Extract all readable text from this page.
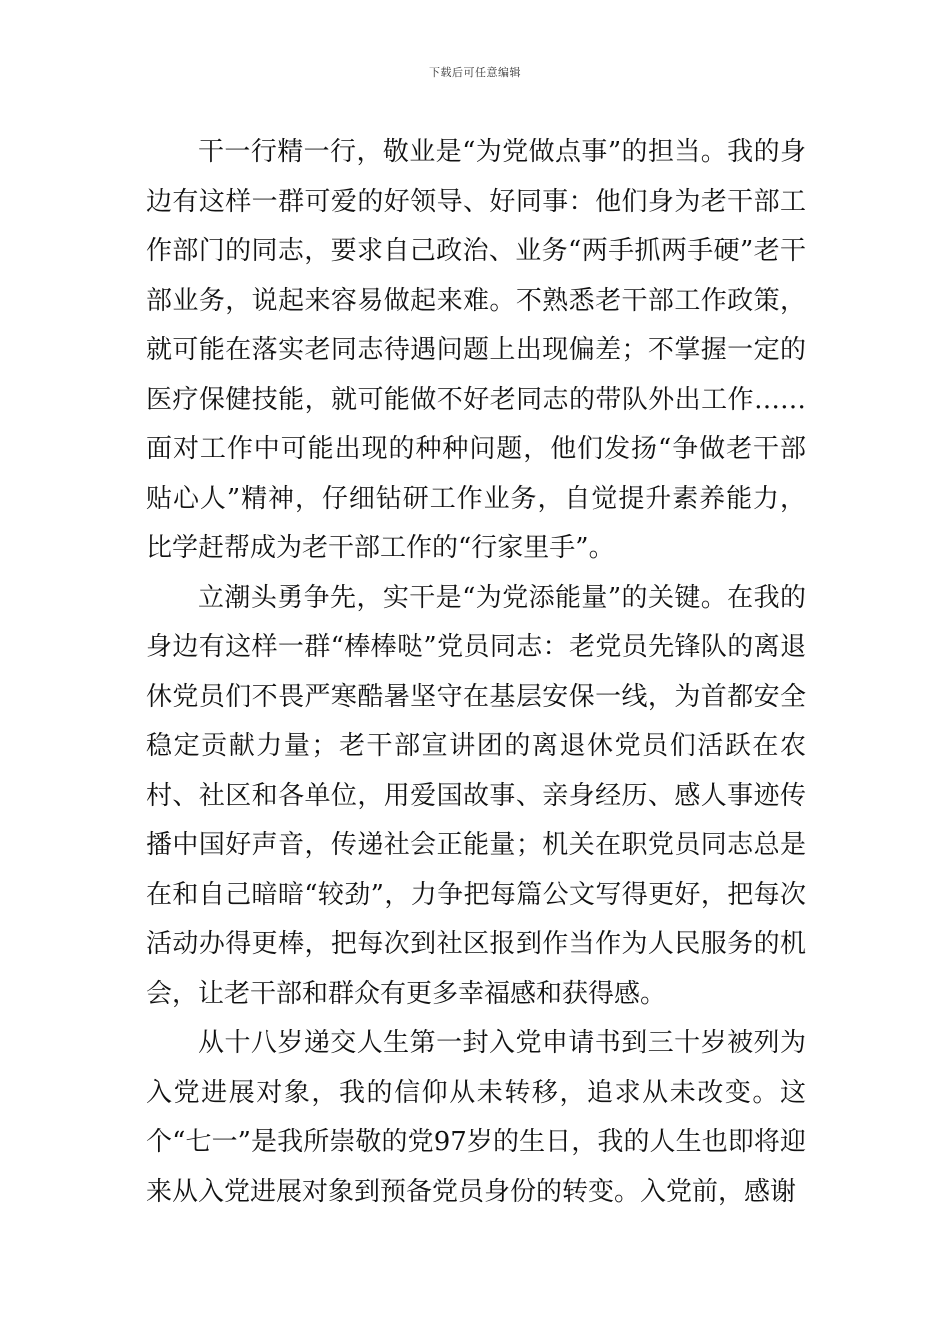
下载后可任意编辑

干一行精一行，敬业是“为党做点事”的担当。我的身边有这样一群可爱的好领导、好同事：他们身为老干部工作部门的同志，要求自己政治、业务“两手抓两手硬”老干部业务，说起来容易做起来难。不熟悉老干部工作政策，就可能在落实老同志待遇问题上出现偏差；不掌握一定的医疗保健技能，就可能做不好老同志的带队外出工作……面对工作中可能出现的种种问题，他们发扬“争做老干部贴心人”精神，仔细钻研工作业务，自觉提升素养能力，比学赶帮成为老干部工作的“行家里手”。

立潮头勇争先，实干是“为党添能量”的关键。在我的身边有这样一群“棒棒哒”党员同志：老党员先锋队的离退休党员们不畏严寒酷暑坚守在基层安保一线，为首都安全稳定贡献力量；老干部宣讲团的离退休党员们活跃在农村、社区和各单位，用爱国故事、亲身经历、感人事迹传播中国好声音，传递社会正能量；机关在职党员同志总是在和自己暗暗“较劲”，力争把每篇公文写得更好，把每次活动办得更棒，把每次到社区报到作当作为人民服务的机会，让老干部和群众有更多幸福感和获得感。

从十八岁递交人生第一封入党申请书到三十岁被列为入党进展对象，我的信仰从未转移，追求从未改变。这个“七一”是我所崇敬的党97岁的生日，我的人生也即将迎来从入党进展对象到预备党员身份的转变。入党前，感谢
